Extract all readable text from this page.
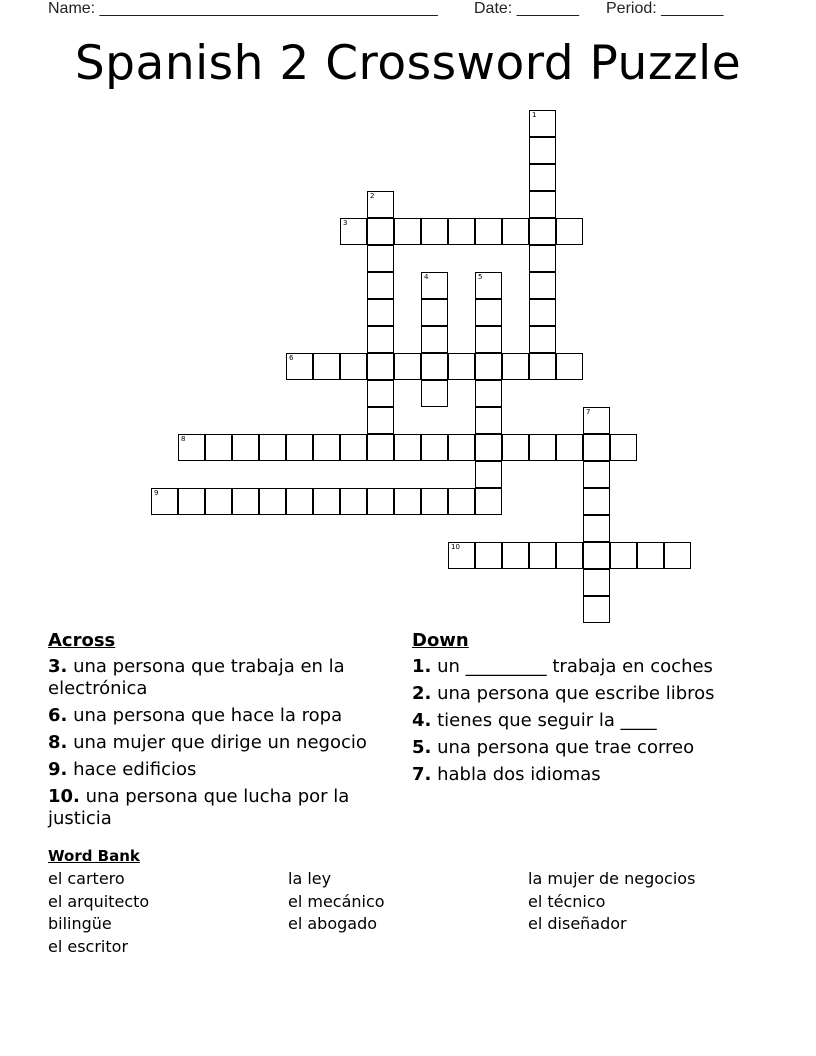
Name: ______________________________________ Date: _______ Period: _______
Spanish 2 Crossword Puzzle
1
2
3
4	5
6
7
8
9
10
Across
3. una persona que trabaja en la electrónica
6. una persona que hace la ropa
8. una mujer que dirige un negocio
9. hace edificios
10. una persona que lucha por la justicia
Down
1. un _________ trabaja en coches
2. una persona que escribe libros
4. tienes que seguir la ____
5. una persona que trae correo
7. habla dos idiomas
Word Bank
el cartero	la ley	la mujer de negocios
el arquitecto	el mecánico	el técnico
bilingüe	el abogado	el diseñador
el escritor
